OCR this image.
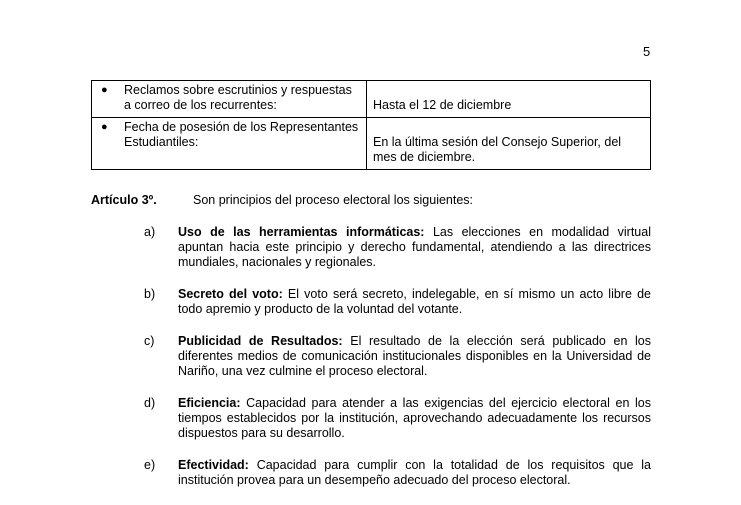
5
● Reclamos sobre escrutinios y respuestas a correo de los recurrentes:	Hasta el 12 de diciembre

● Fecha de posesión de los Representantes Estudiantiles:	En la última sesión del Consejo Superior, del mes de diciembre.
Artículo 3º.	Son principios del proceso electoral los siguientes:
a) Uso de las herramientas informáticas: Las elecciones en modalidad virtual apuntan hacia este principio y derecho fundamental, atendiendo a las directrices mundiales, nacionales y regionales.
b) Secreto del voto: El voto será secreto, indelegable, en sí mismo un acto libre de todo apremio y producto de la voluntad del votante.
c) Publicidad de Resultados: El resultado de la elección será publicado en los diferentes medios de comunicación institucionales disponibles en la Universidad de Nariño, una vez culmine el proceso electoral.
d) Eficiencia: Capacidad para atender a las exigencias del ejercicio electoral en los tiempos establecidos por la institución, aprovechando adecuadamente los recursos dispuestos para su desarrollo.
e) Efectividad: Capacidad para cumplir con la totalidad de los requisitos que la institución provea para un desempeño adecuado del proceso electoral.
